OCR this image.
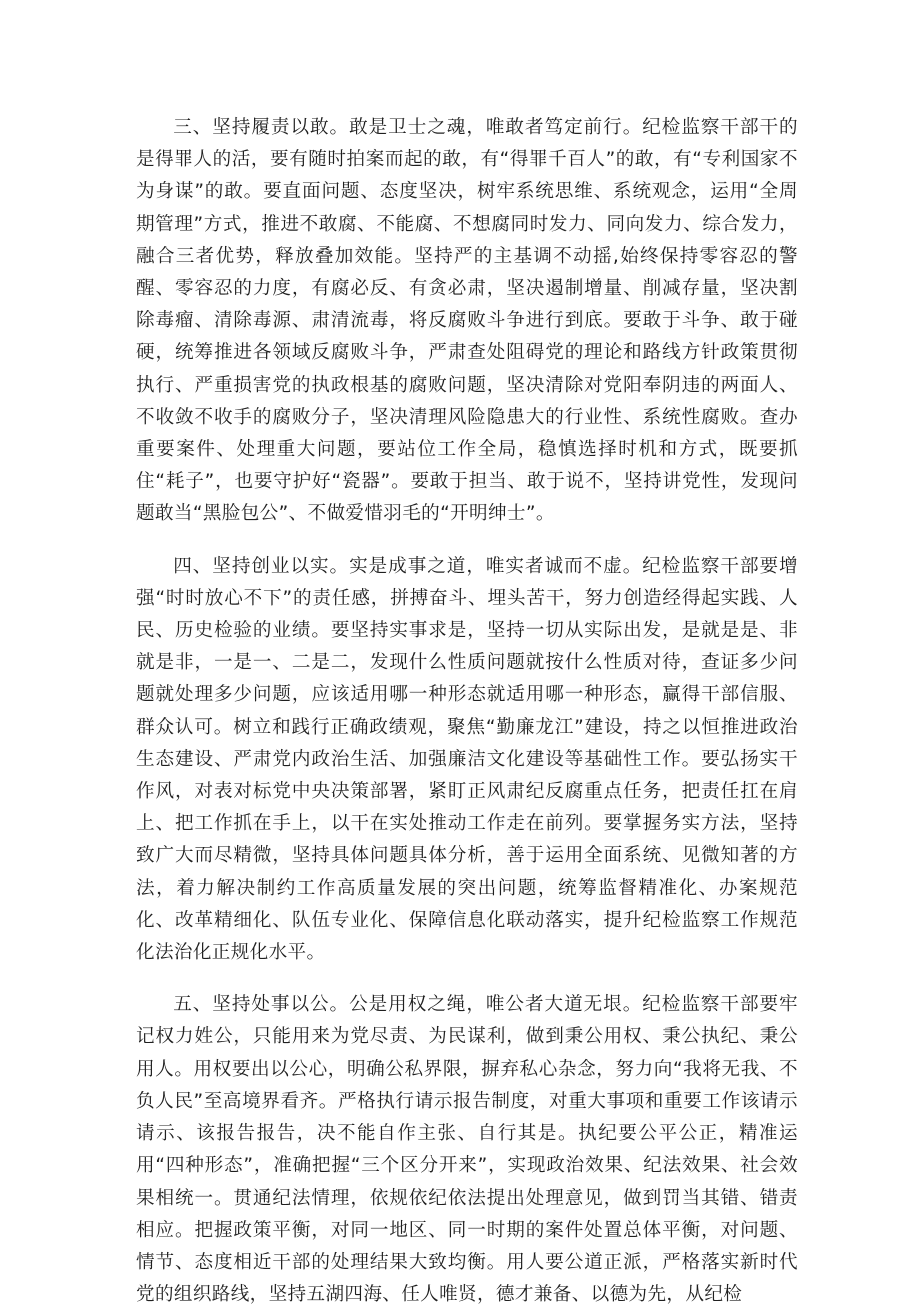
三、坚持履责以敢。敢是卫士之魂，唯敢者笃定前行。纪检监察干部干的是得罪人的活，要有随时拍案而起的敢，有“得罪千百人”的敢，有“专利国家不为身谋”的敢。要直面问题、态度坚决，树牢系统思维、系统观念，运用“全周期管理”方式，推进不敢腐、不能腐、不想腐同时发力、同向发力、综合发力，融合三者优势，释放叠加效能。坚持严的主基调不动摇,始终保持零容忍的警醒、零容忍的力度，有腐必反、有贪必肃，坚决遏制增量、削减存量，坚决割除毒瘤、清除毒源、肃清流毒，将反腐败斗争进行到底。要敢于斗争、敢于碰硬，统筹推进各领域反腐败斗争，严肃查处阻碍党的理论和路线方针政策贯彻执行、严重损害党的执政根基的腐败问题，坚决清除对党阳奉阴违的两面人、不收敛不收手的腐败分子，坚决清理风险隐患大的行业性、系统性腐败。查办重要案件、处理重大问题，要站位工作全局，稳慎选择时机和方式，既要抓住“耗子”，也要守护好“瓷器”。要敢于担当、敢于说不，坚持讲党性，发现问题敢当“黑脸包公”、不做爱惜羽毛的“开明绅士”。

四、坚持创业以实。实是成事之道，唯实者诚而不虚。纪检监察干部要增强“时时放心不下”的责任感，拼搏奋斗、埋头苦干，努力创造经得起实践、人民、历史检验的业绩。要坚持实事求是，坚持一切从实际出发，是就是是、非就是非，一是一、二是二，发现什么性质问题就按什么性质对待，查证多少问题就处理多少问题，应该适用哪一种形态就适用哪一种形态，赢得干部信服、群众认可。树立和践行正确政绩观，聚焦“勤廉龙江”建设，持之以恒推进政治生态建设、严肃党内政治生活、加强廉洁文化建设等基础性工作。要弘扬实干作风，对表对标党中央决策部署，紧盯正风肃纪反腐重点任务，把责任扛在肩上、把工作抓在手上，以干在实处推动工作走在前列。要掌握务实方法，坚持致广大而尽精微，坚持具体问题具体分析，善于运用全面系统、见微知著的方法，着力解决制约工作高质量发展的突出问题，统筹监督精准化、办案规范化、改革精细化、队伍专业化、保障信息化联动落实，提升纪检监察工作规范化法治化正规化水平。

五、坚持处事以公。公是用权之绳，唯公者大道无垠。纪检监察干部要牢记权力姓公，只能用来为党尽责、为民谋利，做到秉公用权、秉公执纪、秉公用人。用权要出以公心，明确公私界限，摒弃私心杂念，努力向“我将无我、不负人民”至高境界看齐。严格执行请示报告制度，对重大事项和重要工作该请示请示、该报告报告，决不能自作主张、自行其是。执纪要公平公正，精准运用“四种形态”，准确把握“三个区分开来”，实现政治效果、纪法效果、社会效果相统一。贯通纪法情理，依规依纪依法提出处理意见，做到罚当其错、错责相应。把握政策平衡，对同一地区、同一时期的案件处置总体平衡，对问题、情节、态度相近干部的处理结果大致均衡。用人要公道正派，严格落实新时代党的组织路线，坚持五湖四海、任人唯贤，德才兼备、以德为先，从纪检
